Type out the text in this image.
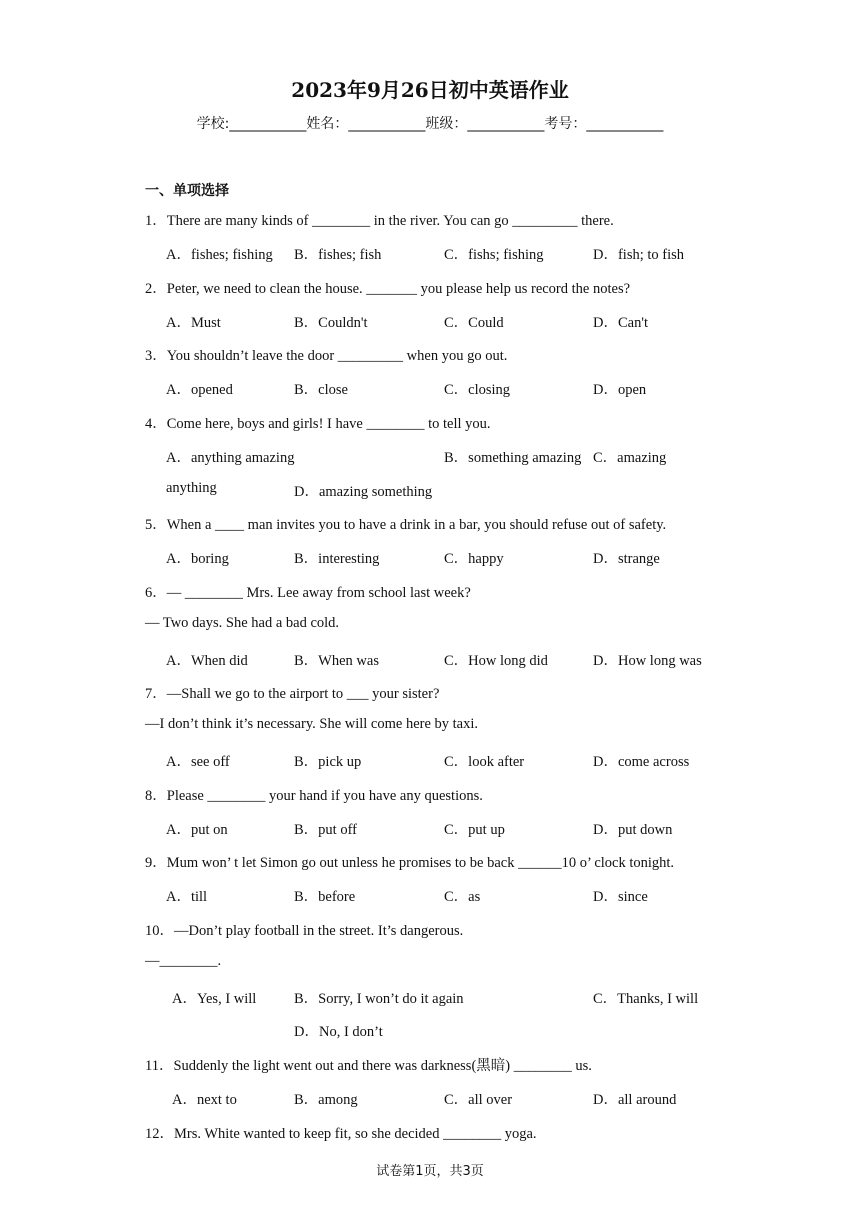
2023年9月26日初中英语作业
学校:___________姓名：___________班级：___________考号：___________
一、单项选择
1．There are many kinds of ________ in the river. You can go _________ there.
A．fishes; fishing B．fishes; fish	C．fishs; fishing	D．fish; to fish
2．Peter, we need to clean the house. _______ you please help us record the notes?
A．Must	B．Couldn't	C．Could	D．Can't
3．You shouldn’t leave the door _________ when you go out.
A．opened	B．close	C．closing	D．open
4．Come here, boys and girls! I have ________ to tell you.
A．anything amazing	B．something amazing C．amazing
anything	D．amazing something
5．When a ____ man invites you to have a drink in a bar, you should refuse out of safety.
A．boring	B．interesting	C．happy	D．strange
6．— ________ Mrs. Lee away from school last week?
— Two days. She had a bad cold.
A．When did	B．When was	C．How long did	D．How long was
7．—Shall we go to the airport to ___ your sister?
—I don’t think it’s necessary. She will come here by taxi.
A．see off	B．pick up	C．look after	D．come across
8．Please ________ your hand if you have any questions.
A．put on	B．put off	C．put up	D．put down
9．Mum won’ t let Simon go out unless he promises to be back ______10 o’ clock tonight.
A．till	B．before	C．as	D．since
10．—Don’t play football in the street. It’s dangerous.
—________.
A．Yes, I will	B．Sorry, I won’t do it again	C．Thanks, I will
D．No, I don’t
11．Suddenly the light went out and there was darkness(黑暗) ________ us.
A．next to	B．among	C．all over	D．all around
12．Mrs. White wanted to keep fit, so she decided ________ yoga.
试卷第1页，共3页
